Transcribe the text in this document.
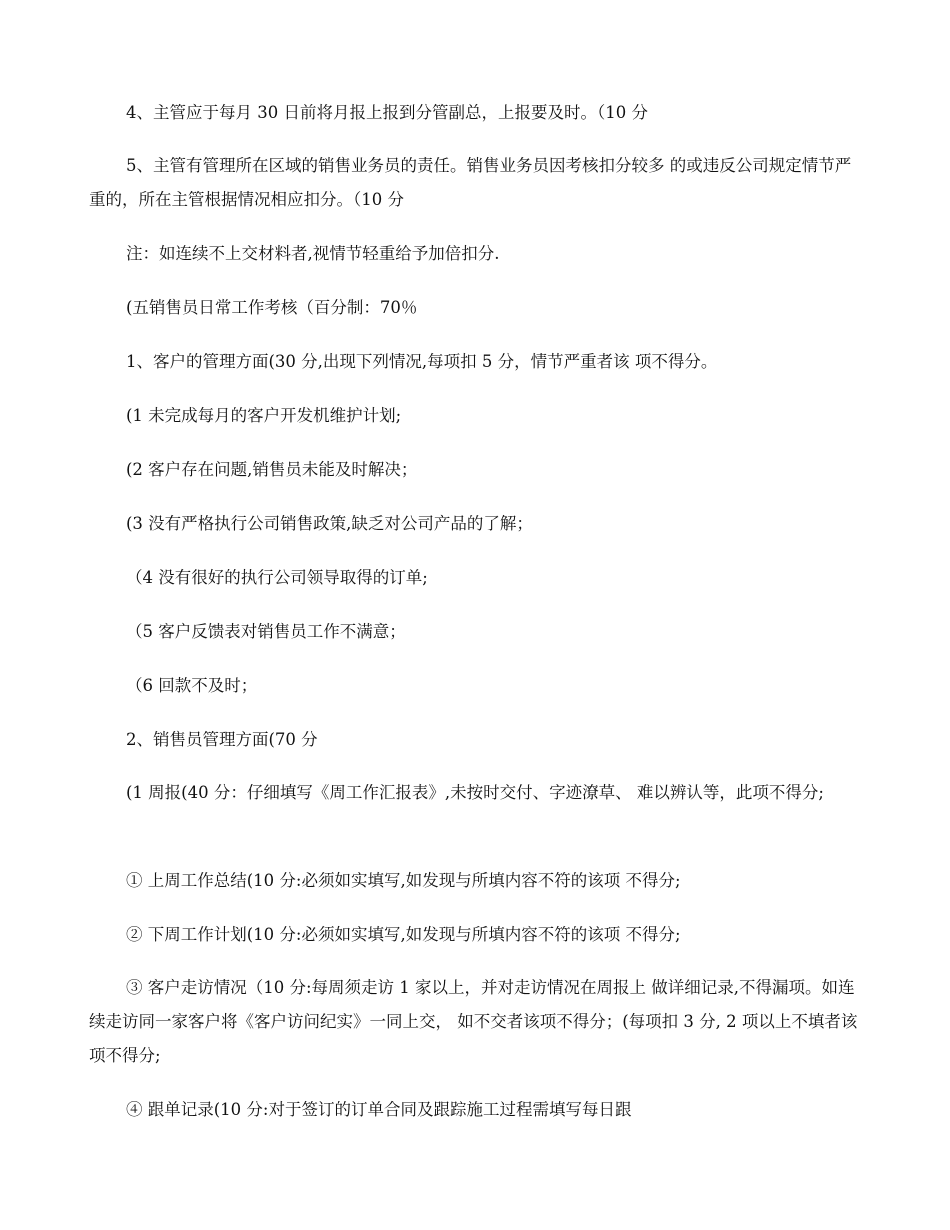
4、主管应于每月 30 日前将月报上报到分管副总，上报要及时。（10 分

5、主管有管理所在区域的销售业务员的责任。销售业务员因考核扣分较多 的或违反公司规定情节严重的，所在主管根据情况相应扣分。（10 分

注：如连续不上交材料者,视情节轻重给予加倍扣分.

(五销售员日常工作考核（百分制：70％

1、客户的管理方面(30 分,出现下列情况,每项扣 5 分，情节严重者该 项不得分。

(1 未完成每月的客户开发机维护计划;

(2 客户存在问题,销售员未能及时解决；

(3 没有严格执行公司销售政策,缺乏对公司产品的了解；

（4 没有很好的执行公司领导取得的订单;

（5 客户反馈表对销售员工作不满意；

（6 回款不及时；

2、销售员管理方面(70 分

(1 周报(40 分：仔细填写《周工作汇报表》,未按时交付、字迹潦草、 难以辨认等，此项不得分;

① 上周工作总结(10 分:必须如实填写,如发现与所填内容不符的该项 不得分;

② 下周工作计划(10 分:必须如实填写,如发现与所填内容不符的该项 不得分;

③ 客户走访情况（10 分:每周须走访 1 家以上，并对走访情况在周报上 做详细记录,不得漏项。如连续走访同一家客户将《客户访问纪实》一同上交， 如不交者该项不得分；(每项扣 3 分, 2 项以上不填者该项不得分;

④ 跟单记录(10 分:对于签订的订单合同及跟踪施工过程需填写每日跟
